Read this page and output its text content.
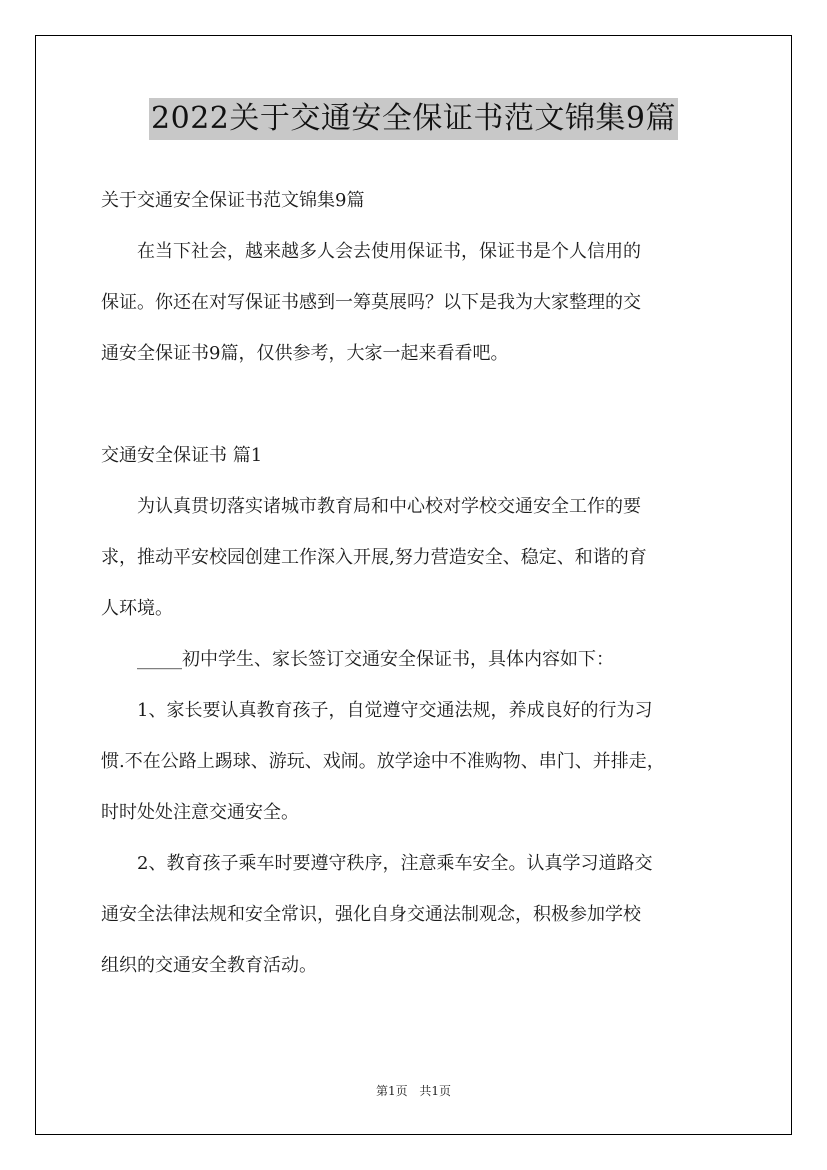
2022关于交通安全保证书范文锦集9篇
关于交通安全保证书范文锦集9篇
　　在当下社会，越来越多人会去使用保证书，保证书是个人信用的
保证。你还在对写保证书感到一筹莫展吗？以下是我为大家整理的交
通安全保证书9篇，仅供参考，大家一起来看看吧。
交通安全保证书 篇1
　　为认真贯切落实诸城市教育局和中心校对学校交通安全工作的要
求，推动平安校园创建工作深入开展,努力营造安全、稳定、和谐的育
人环境。
　　_____初中学生、家长签订交通安全保证书，具体内容如下：
　　1、家长要认真教育孩子，自觉遵守交通法规，养成良好的行为习
惯.不在公路上踢球、游玩、戏闹。放学途中不准购物、串门、并排走，
时时处处注意交通安全。
　　2、教育孩子乘车时要遵守秩序，注意乘车安全。认真学习道路交
通安全法律法规和安全常识，强化自身交通法制观念，积极参加学校
组织的交通安全教育活动。
第1页 共1页
